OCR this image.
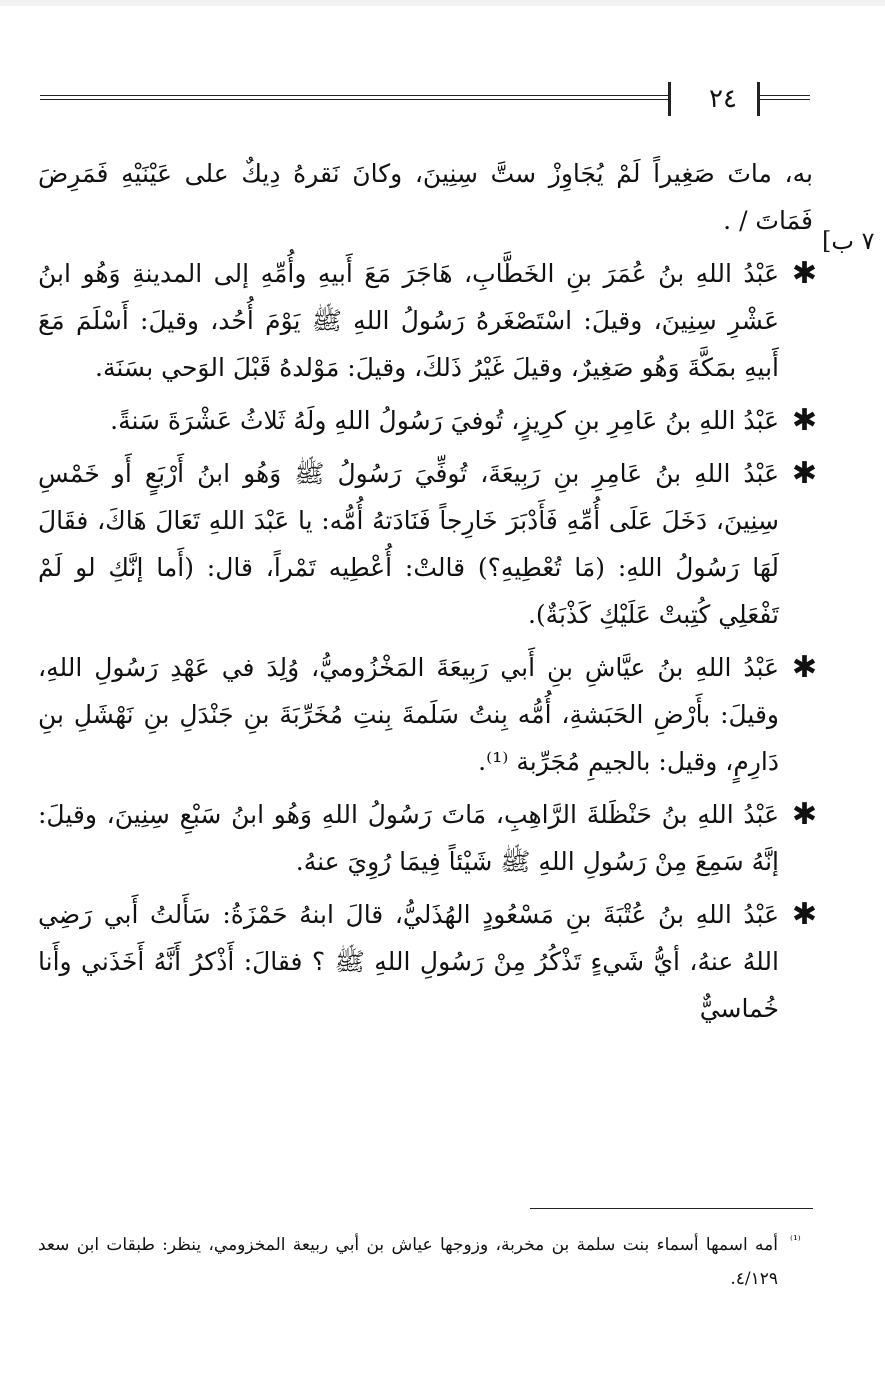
٢٤
٧ ب]

به، ماتَ صَغِيراً لَمْ يُجَاوِزْ ستَّ سِنِينَ، وكانَ نَقرهُ دِيكٌ على عَيْنَيْهِ فَمَرِضَ فَمَاتَ / .

✱
عَبْدُ اللهِ بنُ عُمَرَ بنِ الخَطَّابِ، هَاجَرَ مَعَ أَبيهِ وأُمِّهِ إلى المدينةِ وَهُو ابنُ عَشْرِ سِنِينَ، وقيلَ: اسْتَصْغَرهُ رَسُولُ اللهِ ﷺ يَوْمَ أُحُد، وقيلَ: أَسْلَمَ مَعَ أَبيهِ بمَكَّةَ وَهُو صَغِيرٌ، وقيلَ غَيْرُ ذَلكَ، وقيلَ: مَوْلدهُ قَبْلَ الوَحي بسَنَة.

✱
عَبْدُ اللهِ بنُ عَامِرِ بنِ كرِيزٍ، تُوفيَ رَسُولُ اللهِ ولَهُ ثَلاثُ عَشْرَةَ سَنةً.

✱
عَبْدُ اللهِ بنُ عَامِرِ بنِ رَبِيعَةَ، تُوفِّيَ رَسُولُ ﷺ وَهُو ابنُ أَرْبَعٍ أَو خَمْسِ سِنِينَ، دَخَلَ عَلَى أُمِّهِ فَأَدْبَرَ خَارِجاً فَنَادَتهُ أُمُّه: يا عَبْدَ اللهِ تَعَالَ هَاكَ، فقَالَ لَهَا رَسُولُ اللهِ: (مَا تُعْطِيهِ؟) قالتْ: أُعْطِيه تَمْراً، قال: (أَما إنَّكِ لو لَمْ تَفْعَلِي كُتِبتْ عَلَيْكِ كَذْبَةٌ).

✱
عَبْدُ اللهِ بنُ عيَّاشِ بنِ أَبي رَبِيعَةَ المَخْزُوميُّ، وُلِدَ في عَهْدِ رَسُولِ اللهِ، وقيلَ: بأَرْضِ الحَبَشةِ، أُمُّه بِنتُ سَلَمةَ بِنتِ مُخَرِّبَةَ بنِ جَنْدَلِ بنِ نَهْشَلِ بنِ دَارِمٍ، وقيل: بالجيمِ مُجَرِّبة ⁽¹⁾.

✱
عَبْدُ اللهِ بنُ حَنْظَلةَ الرَّاهِبِ، مَاتَ رَسُولُ اللهِ وَهُو ابنُ سَبْعِ سِنِينَ، وقيلَ: إنَّهُ سَمِعَ مِنْ رَسُولِ اللهِ ﷺ شَيْئاً فِيمَا رُوِيَ عنهُ.

✱
عَبْدُ اللهِ بنُ عُتْبَةَ بنِ مَسْعُودٍ الهُذَليُّ، قالَ ابنهُ حَمْزَةُ: سَأَلتُ أَبي رَضِي اللهُ عنهُ، أيُّ شَيءٍ تَذْكُرُ مِنْ رَسُولِ اللهِ ﷺ ؟ فقالَ: أَذْكرُ أَنَّهُ أَخَذَني وأَنا خُماسيٌّ

⁽¹⁾
أمه اسمها أسماء بنت سلمة بن مخربة، وزوجها عياش بن أبي ربيعة المخزومي، ينظر: طبقات ابن سعد ٤/١٢٩.
